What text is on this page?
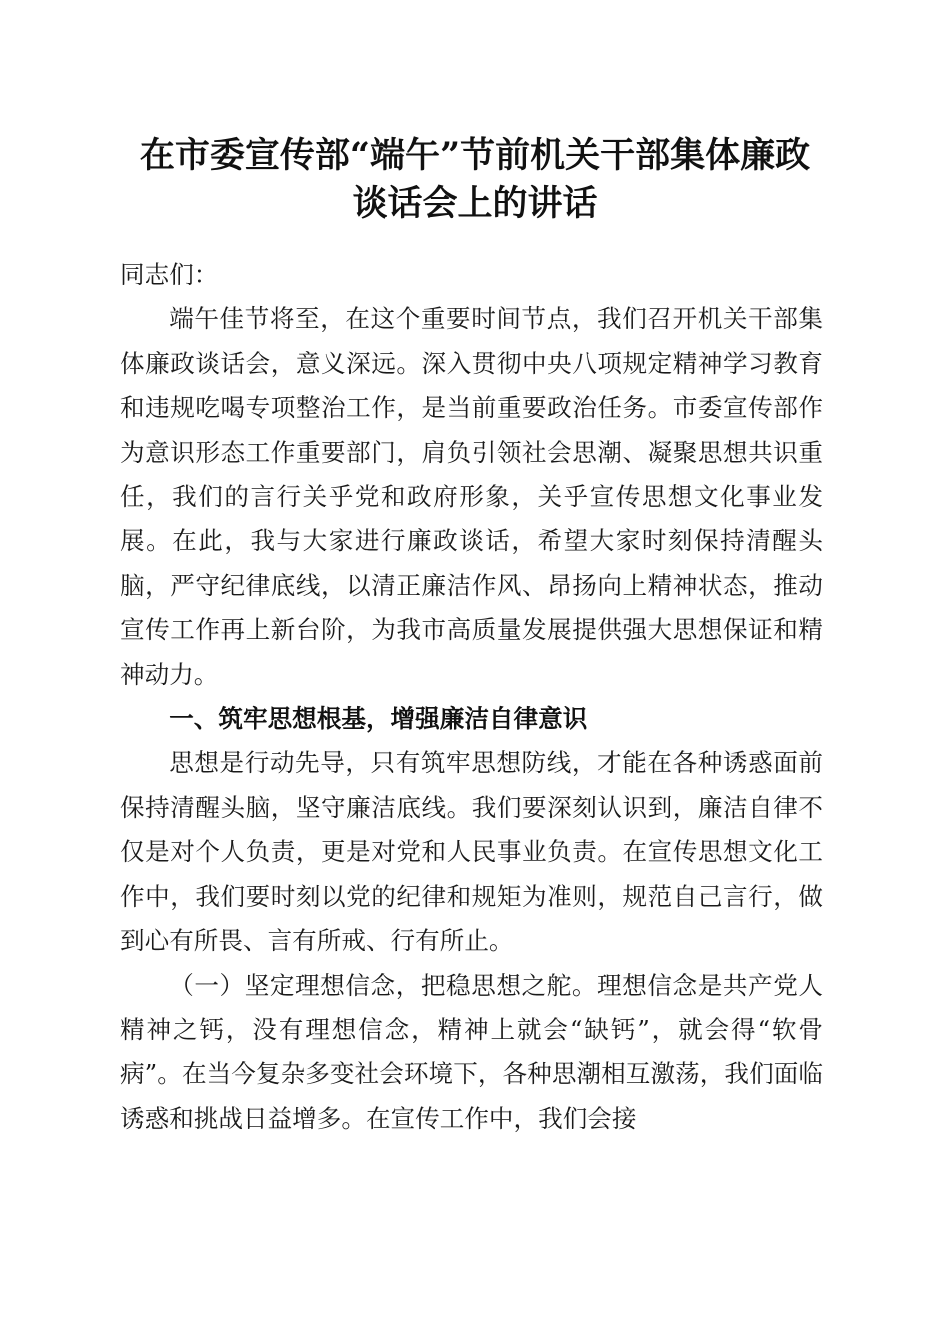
在市委宣传部“端午”节前机关干部集体廉政
谈话会上的讲话

同志们：

端午佳节将至，在这个重要时间节点，我们召开机关干部集体廉政谈话会，意义深远。深入贯彻中央八项规定精神学习教育和违规吃喝专项整治工作，是当前重要政治任务。市委宣传部作为意识形态工作重要部门，肩负引领社会思潮、凝聚思想共识重任，我们的言行关乎党和政府形象，关乎宣传思想文化事业发展。在此，我与大家进行廉政谈话，希望大家时刻保持清醒头脑，严守纪律底线，以清正廉洁作风、昂扬向上精神状态，推动宣传工作再上新台阶，为我市高质量发展提供强大思想保证和精神动力。

一、筑牢思想根基，增强廉洁自律意识

思想是行动先导，只有筑牢思想防线，才能在各种诱惑面前保持清醒头脑，坚守廉洁底线。我们要深刻认识到，廉洁自律不仅是对个人负责，更是对党和人民事业负责。在宣传思想文化工作中，我们要时刻以党的纪律和规矩为准则，规范自己言行，做到心有所畏、言有所戒、行有所止。

（一）坚定理想信念，把稳思想之舵。理想信念是共产党人精神之钙，没有理想信念，精神上就会“缺钙”，就会得“软骨病”。在当今复杂多变社会环境下，各种思潮相互激荡，我们面临诱惑和挑战日益增多。在宣传工作中，我们会接
